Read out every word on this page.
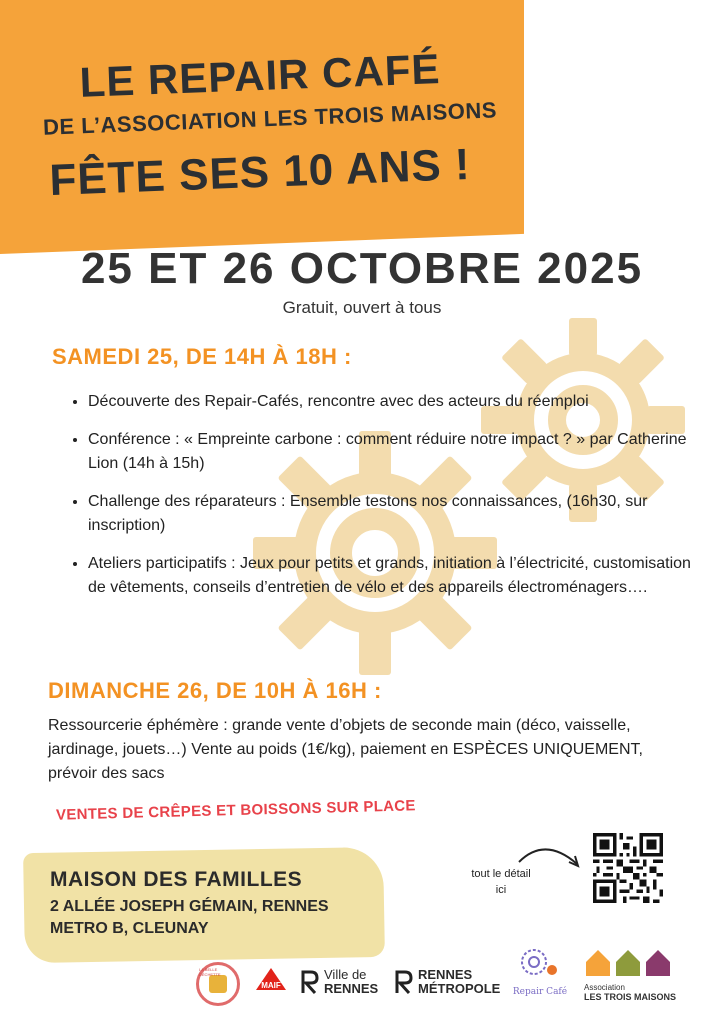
LE REPAIR CAFÉ
DE L’ASSOCIATION LES TROIS MAISONS
FÊTE SES 10 ANS !
25 ET 26 OCTOBRE 2025
Gratuit, ouvert à tous
SAMEDI 25, DE 14H À 18H :
• Découverte des Repair-Cafés, rencontre avec des acteurs du réemploi
• Conférence : « Empreinte carbone : comment réduire notre impact ? » par Catherine Lion (14h à 15h)
• Challenge des réparateurs : Ensemble testons nos connaissances, (16h30, sur inscription)
• Ateliers participatifs : Jeux pour petits et grands, initiation à l’électricité, customisation de vêtements, conseils d’entretien de vélo et des appareils électroménagers….
DIMANCHE 26, DE 10H À 16H :
Ressourcerie éphémère : grande vente d’objets de seconde main (déco, vaisselle, jardinage, jouets…) Vente au poids (1€/kg), paiement en ESPÈCES UNIQUEMENT, prévoir des sacs
VENTES DE CRÊPES ET BOISSONS SUR PLACE
MAISON DES FAMILLES
2 ALLÉE JOSEPH GÉMAIN, RENNES
METRO B, CLEUNAY
tout le détail
ici
LA BELLE DÉCHETTE
MAIF
Ville de
RENNES
RENNES
MÉTROPOLE Repair Café Association
LES TROIS MAISONS
